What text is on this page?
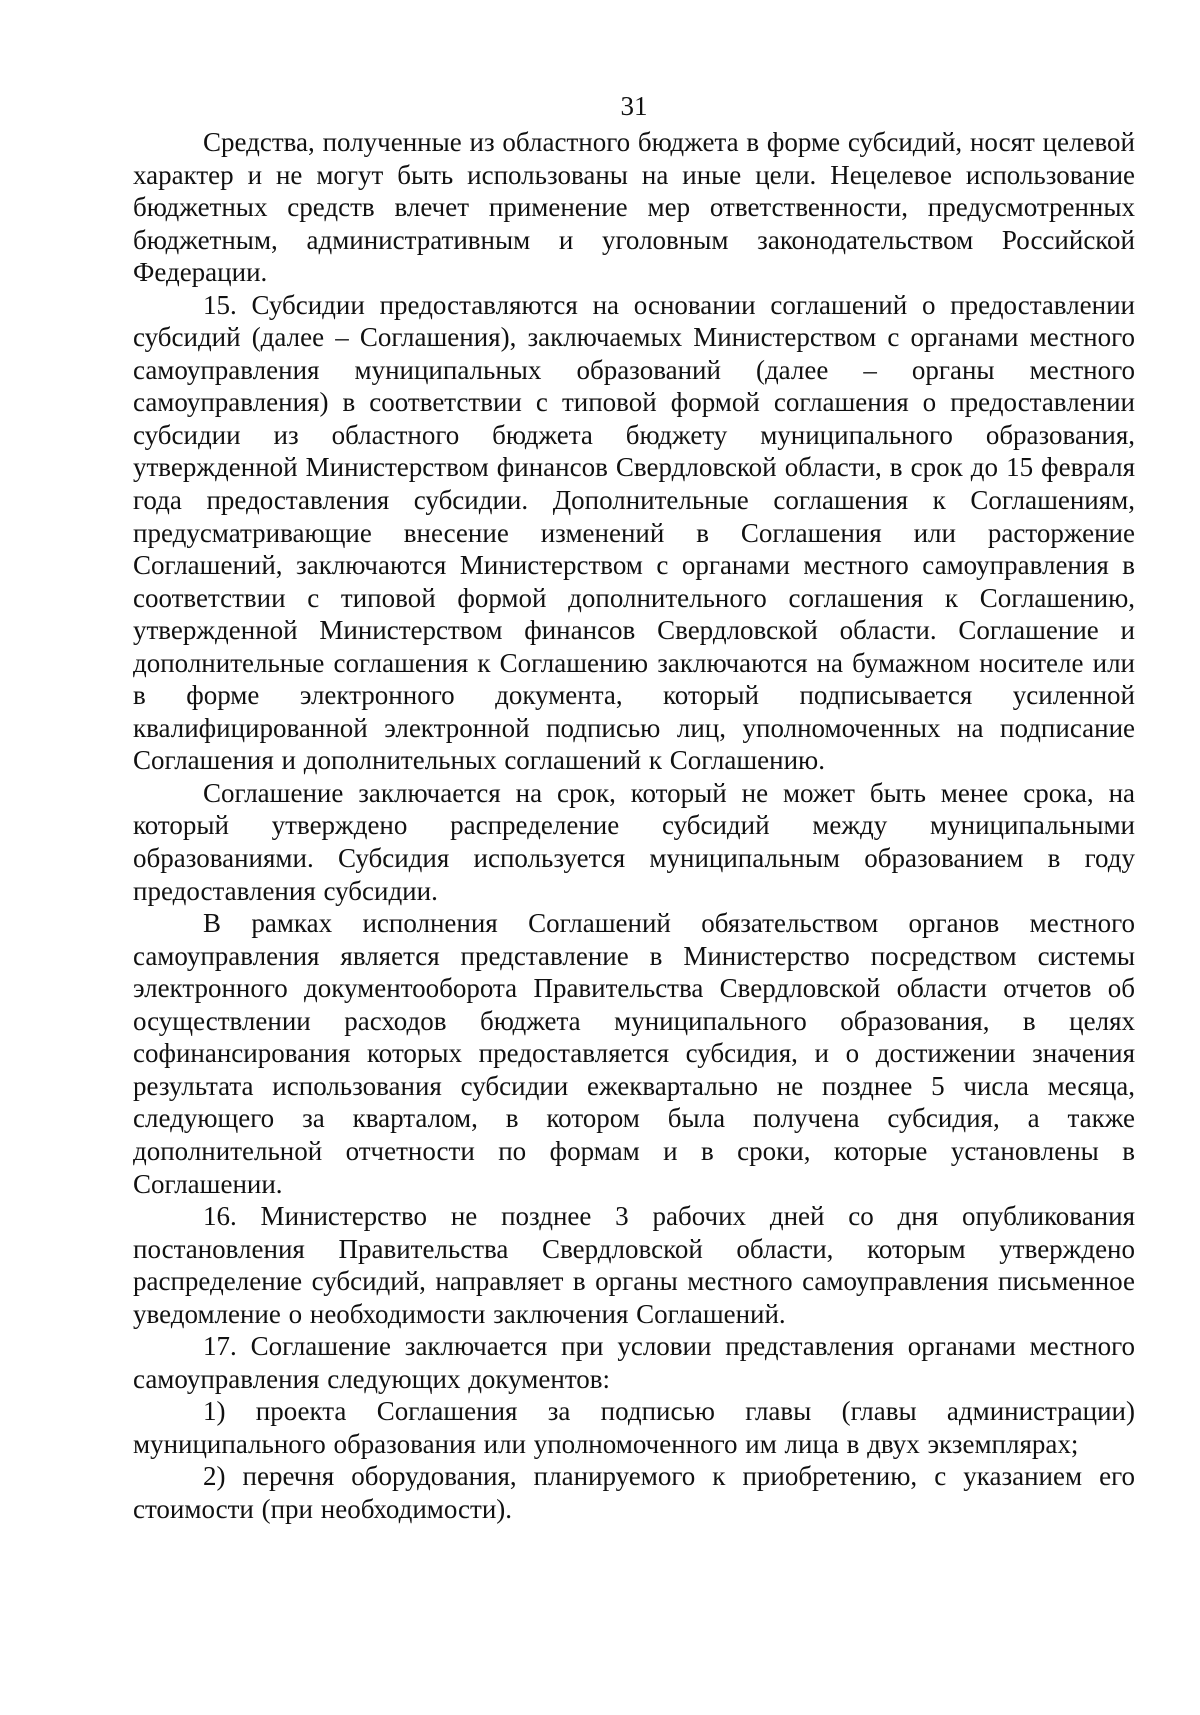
31

Средства, полученные из областного бюджета в форме субсидий, носят целевой характер и не могут быть использованы на иные цели. Нецелевое использование бюджетных средств влечет применение мер ответственности, предусмотренных бюджетным, административным и уголовным законодательством Российской Федерации.

15. Субсидии предоставляются на основании соглашений о предоставлении субсидий (далее – Соглашения), заключаемых Министерством с органами местного самоуправления муниципальных образований (далее – органы местного самоуправления) в соответствии с типовой формой соглашения о предоставлении субсидии из областного бюджета бюджету муниципального образования, утвержденной Министерством финансов Свердловской области, в срок до 15 февраля года предоставления субсидии. Дополнительные соглашения к Соглашениям, предусматривающие внесение изменений в Соглашения или расторжение Соглашений, заключаются Министерством с органами местного самоуправления в соответствии с типовой формой дополнительного соглашения к Соглашению, утвержденной Министерством финансов Свердловской области. Соглашение и дополнительные соглашения к Соглашению заключаются на бумажном носителе или в форме электронного документа, который подписывается усиленной квалифицированной электронной подписью лиц, уполномоченных на подписание Соглашения и дополнительных соглашений к Соглашению.

Соглашение заключается на срок, который не может быть менее срока, на который утверждено распределение субсидий между муниципальными образованиями. Субсидия используется муниципальным образованием в году предоставления субсидии.

В рамках исполнения Соглашений обязательством органов местного самоуправления является представление в Министерство посредством системы электронного документооборота Правительства Свердловской области отчетов об осуществлении расходов бюджета муниципального образования, в целях софинансирования которых предоставляется субсидия, и о достижении значения результата использования субсидии ежеквартально не позднее 5 числа месяца, следующего за кварталом, в котором была получена субсидия, а также дополнительной отчетности по формам и в сроки, которые установлены в Соглашении.

16. Министерство не позднее 3 рабочих дней со дня опубликования постановления Правительства Свердловской области, которым утверждено распределение субсидий, направляет в органы местного самоуправления письменное уведомление о необходимости заключения Соглашений.

17. Соглашение заключается при условии представления органами местного самоуправления следующих документов:

1) проекта Соглашения за подписью главы (главы администрации) муниципального образования или уполномоченного им лица в двух экземплярах;

2) перечня оборудования, планируемого к приобретению, с указанием его стоимости (при необходимости).
